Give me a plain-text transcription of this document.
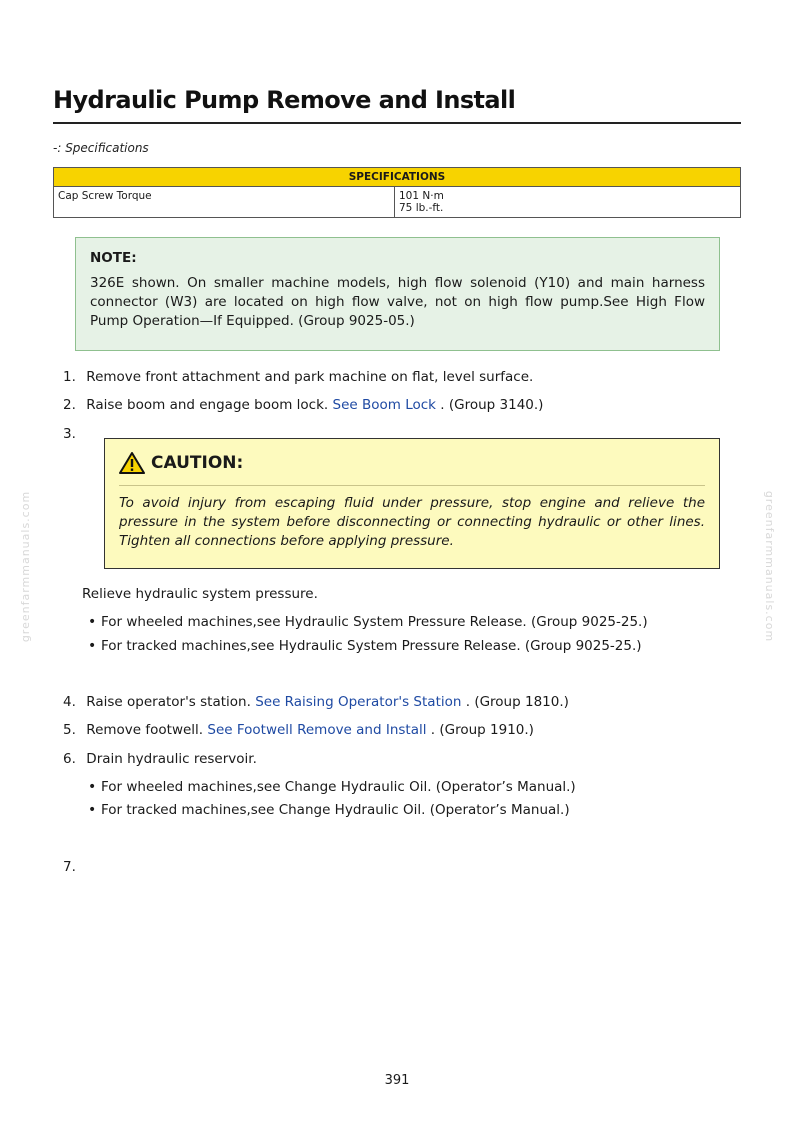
Hydraulic Pump Remove and Install
-: Specifications
SPECIFICATIONS
Cap Screw Torque	101 N·m
75 lb.-ft.
NOTE:
326E shown. On smaller machine models, high flow solenoid (Y10) and main harness connector (W3) are located on high flow valve, not on high flow pump.See High Flow Pump Operation—If Equipped. (Group 9025-05.)
1. Remove front attachment and park machine on flat, level surface.
2. Raise boom and engage boom lock. See Boom Lock . (Group 3140.)
3.
CAUTION:
To avoid injury from escaping fluid under pressure, stop engine and relieve the pressure in the system before disconnecting or connecting hydraulic or other lines. Tighten all connections before applying pressure.
Relieve hydraulic system pressure.
• For wheeled machines,see Hydraulic System Pressure Release. (Group 9025-25.)
• For tracked machines,see Hydraulic System Pressure Release. (Group 9025-25.)
4. Raise operator's station. See Raising Operator's Station . (Group 1810.)
5. Remove footwell. See Footwell Remove and Install . (Group 1910.)
6. Drain hydraulic reservoir.
• For wheeled machines,see Change Hydraulic Oil. (Operator’s Manual.)
• For tracked machines,see Change Hydraulic Oil. (Operator’s Manual.)
7.
greenfarmmanuals.com	greenfarmmanuals.com
391
